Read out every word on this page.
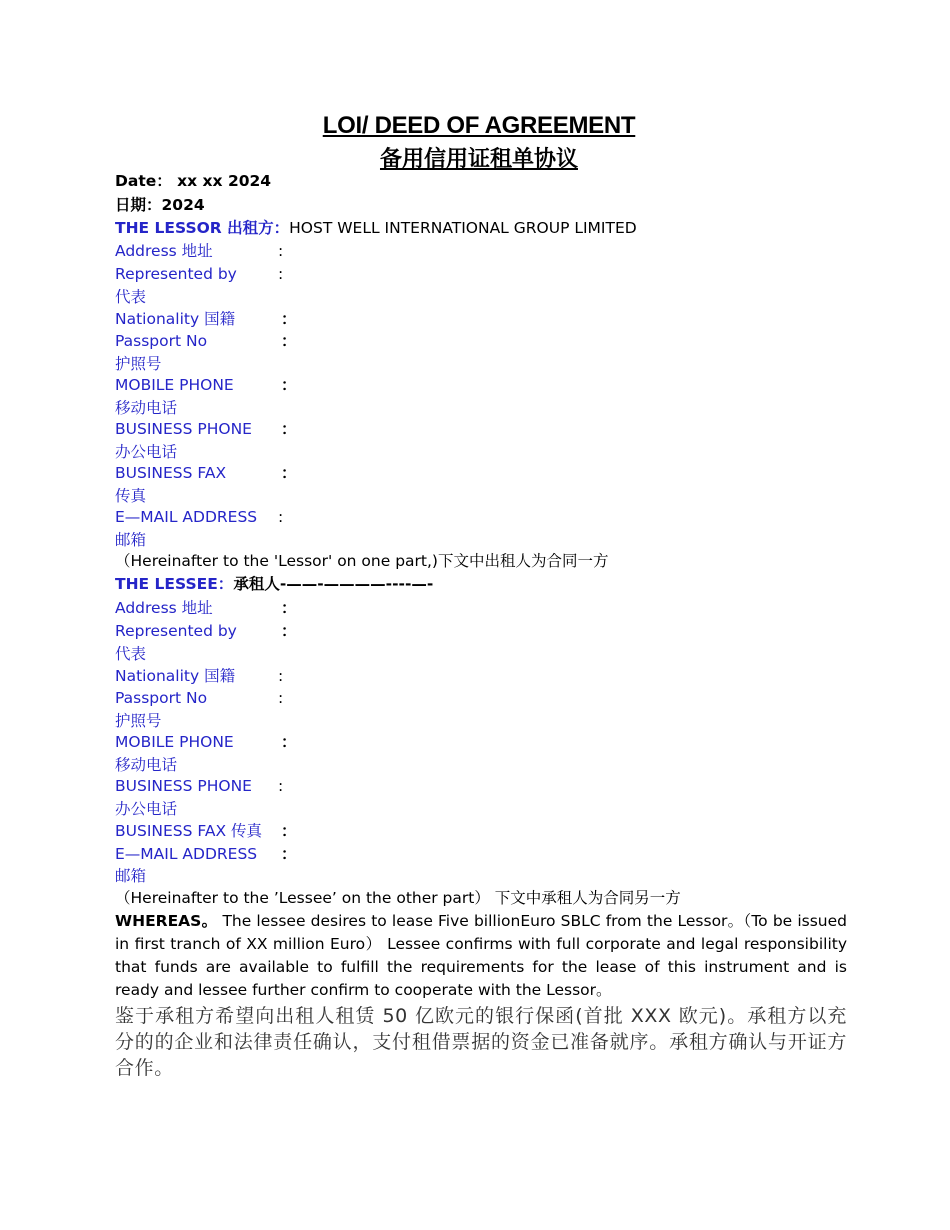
LOI/ DEED OF AGREEMENT
备用信用证租单协议
Date： xx xx 2024
日期：2024
THE LESSOR 出租方：HOST WELL INTERNATIONAL GROUP LIMITED
Address 地址	:
Represented by	:
代表
Nationality 国籍	：
Passport No	：
护照号
MOBILE PHONE	：
移动电话
BUSINESS PHONE ：
办公电话
BUSINESS FAX	：
传真
E—MAIL ADDRESS :
邮箱
（Hereinafter to the 'Lessor' on one part,)下文中出租人为合同一方
THE LESSEE：承租人-——-————----—-
Address 地址	：
Represented by	：
代表
Nationality 国籍	:
Passport No	:
护照号
MOBILE PHONE	：
移动电话
BUSINESS PHONE :
办公电话
BUSINESS FAX 传真 ：
E—MAIL ADDRESS ：
邮箱
（Hereinafter to the ’Lessee’ on the other part） 下文中承租人为合同另一方
WHEREAS。 The lessee desires to lease Five billionEuro SBLC from the Lessor。（To be issued in first tranch of XX million Euro） Lessee confirms with full corporate and legal responsibility that funds are available to fulfill the requirements for the lease of this instrument and is ready and lessee further confirm to cooperate with the Lessor。
鉴于承租方希望向出租人租赁 50 亿欧元的银行保函(首批 XXX 欧元)。承租方以充分的的企业和法律责任确认，支付租借票据的资金已准备就序。承租方确认与开证方合作。
